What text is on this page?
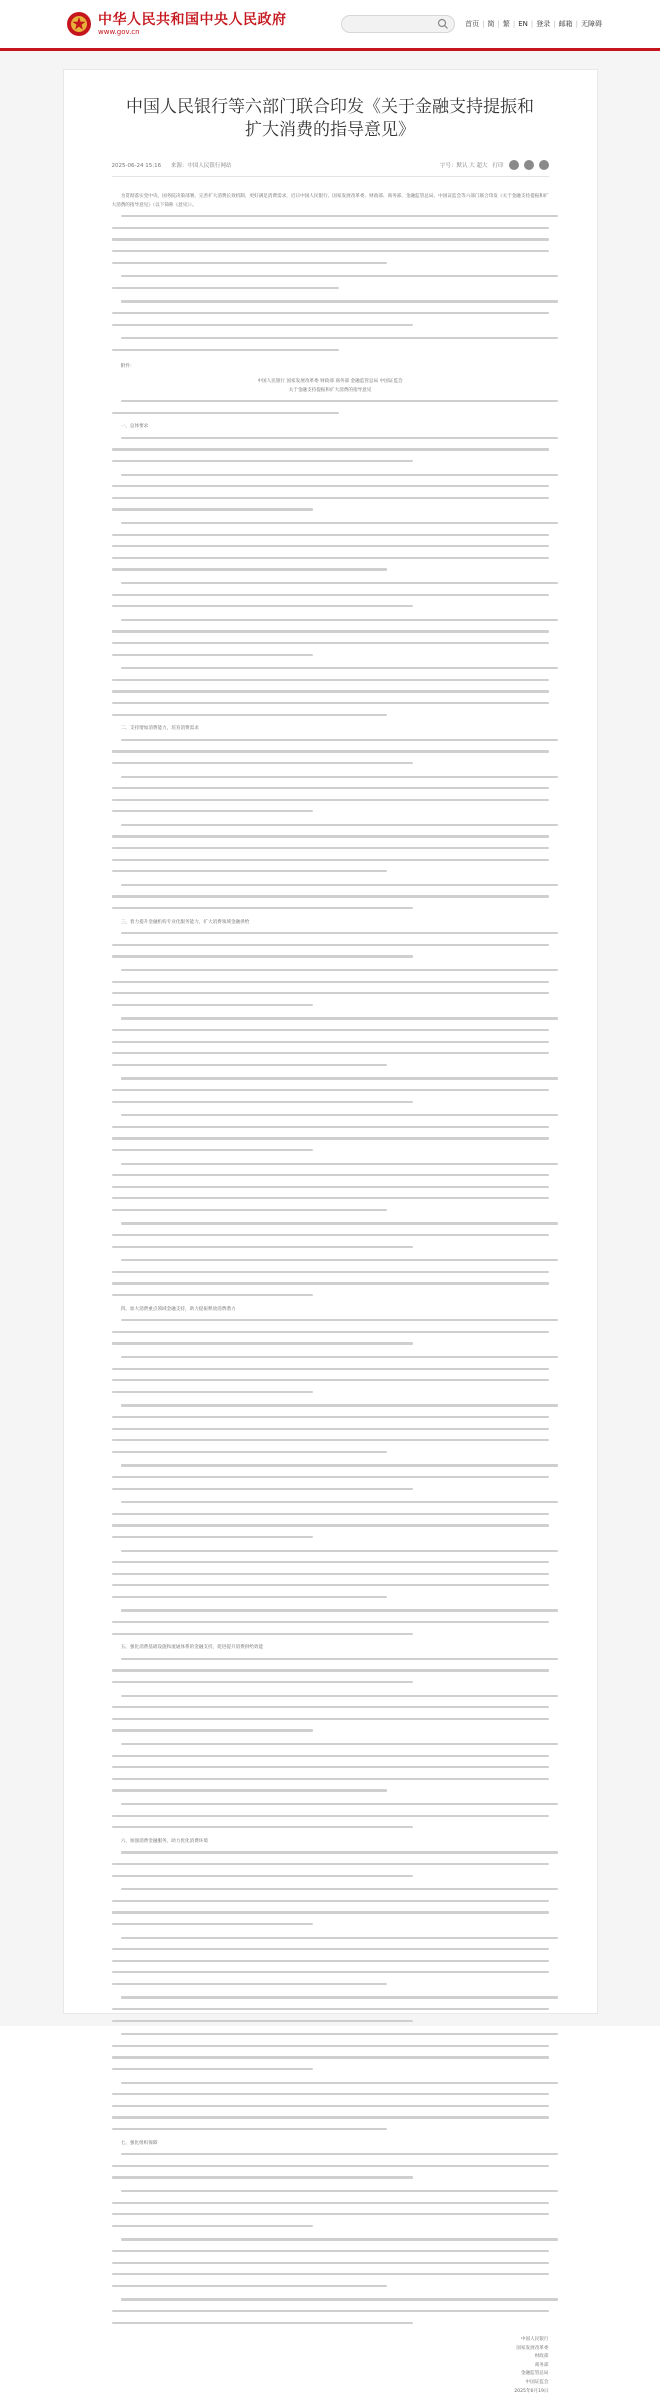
中华人民共和国中央人民政府
www.gov.cn
首页 | 简 | 繁 | EN | 登录 | 邮箱 | 无障碍
中国人民银行等六部门联合印发《关于金融支持提振和扩大消费的指导意见》
2025-06-24 15:16 来源：中国人民银行网站	字号：默认 大 超大 打印

为贯彻落实党中央、国务院决策部署，完善扩大消费长效机制，更好满足消费需求，近日中国人民银行、国家发展改革委、财政部、商务部、金融监管总局、中国证监会等六部门联合印发《关于金融支持提振和扩大消费的指导意见》（以下简称《意见》）。

附件：

中国人民银行 国家发展改革委 财政部 商务部 金融监管总局 中国证监会

关于金融支持提振和扩大消费的指导意见

一、总体要求

二、支持增加消费能力，培育消费需求

三、着力提升金融机构专业化服务能力，扩大消费领域金融供给

四、加大消费重点领域金融支持，助力提振释放消费潜力

五、强化消费基础设施和流通体系的金融支持，促进提升消费供给效能

六、加强消费金融服务，助力优化消费环境

七、强化组织保障

中国人民银行

国家发展改革委

财政部

商务部

金融监管总局

中国证监会

2025年6月19日
